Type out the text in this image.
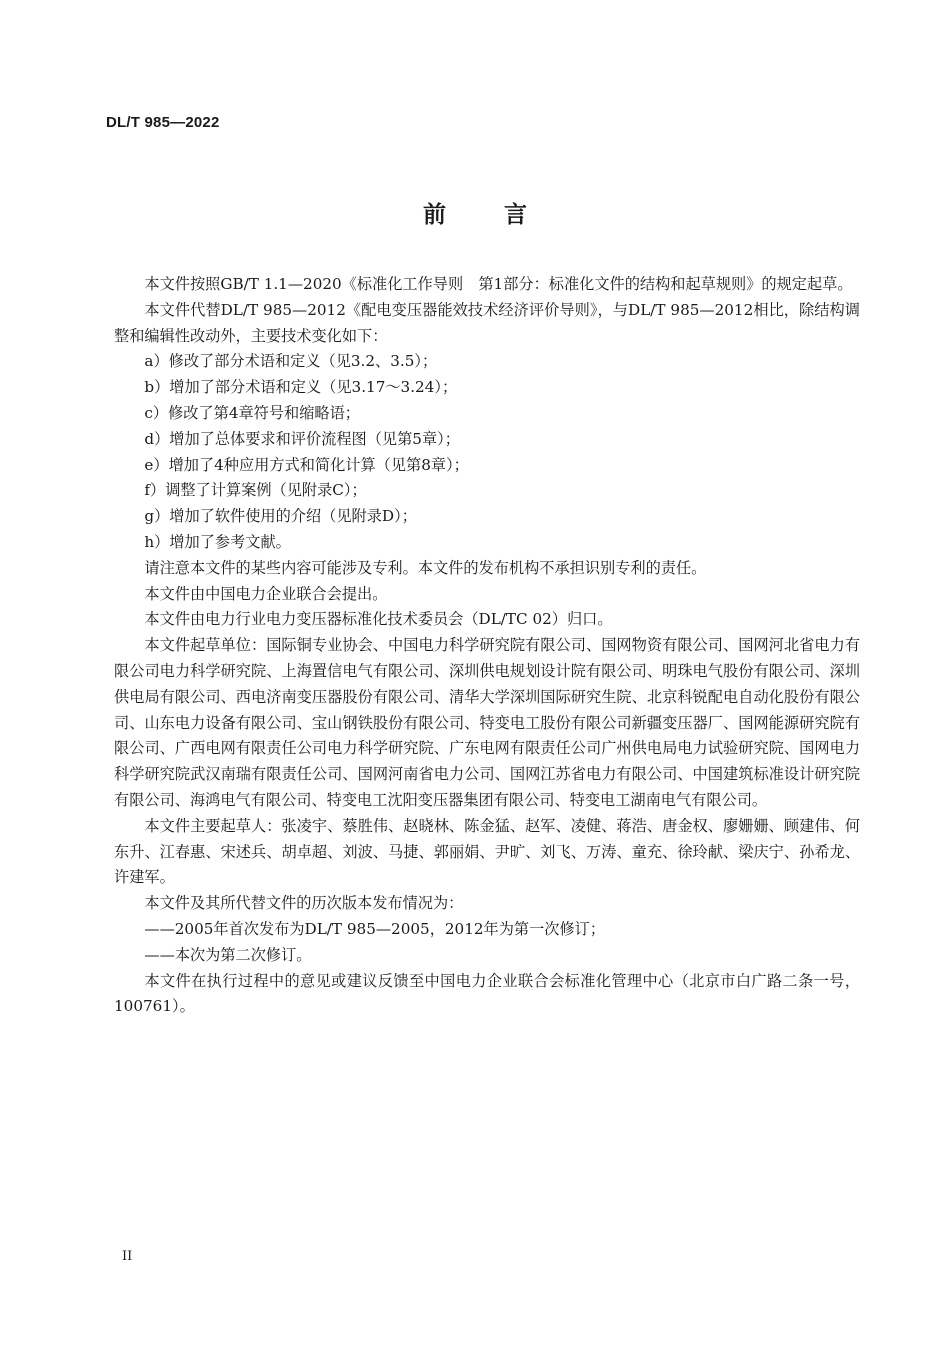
DL/T 985—2022
前	言

本文件按照GB/T 1.1—2020《标准化工作导则　第1部分：标准化文件的结构和起草规则》的规定起草。

本文件代替DL/T 985—2012《配电变压器能效技术经济评价导则》，与DL/T 985—2012相比，除结构调整和编辑性改动外，主要技术变化如下：

a）修改了部分术语和定义（见3.2、3.5）；

b）增加了部分术语和定义（见3.17～3.24）；

c）修改了第4章符号和缩略语；

d）增加了总体要求和评价流程图（见第5章）；

e）增加了4种应用方式和简化计算（见第8章）；

f）调整了计算案例（见附录C）；

g）增加了软件使用的介绍（见附录D）；

h）增加了参考文献。

请注意本文件的某些内容可能涉及专利。本文件的发布机构不承担识别专利的责任。

本文件由中国电力企业联合会提出。

本文件由电力行业电力变压器标准化技术委员会（DL/TC 02）归口。

本文件起草单位：国际铜专业协会、中国电力科学研究院有限公司、国网物资有限公司、国网河北省电力有限公司电力科学研究院、上海置信电气有限公司、深圳供电规划设计院有限公司、明珠电气股份有限公司、深圳供电局有限公司、西电济南变压器股份有限公司、清华大学深圳国际研究生院、北京科锐配电自动化股份有限公司、山东电力设备有限公司、宝山钢铁股份有限公司、特变电工股份有限公司新疆变压器厂、国网能源研究院有限公司、广西电网有限责任公司电力科学研究院、广东电网有限责任公司广州供电局电力试验研究院、国网电力科学研究院武汉南瑞有限责任公司、国网河南省电力公司、国网江苏省电力有限公司、中国建筑标准设计研究院有限公司、海鸿电气有限公司、特变电工沈阳变压器集团有限公司、特变电工湖南电气有限公司。

本文件主要起草人：张凌宇、蔡胜伟、赵晓林、陈金猛、赵军、凌健、蒋浩、唐金权、廖姗姗、顾建伟、何东升、江春惠、宋述兵、胡卓超、刘波、马捷、郭丽娟、尹旷、刘飞、万涛、童充、徐玲献、梁庆宁、孙希龙、许建军。

本文件及其所代替文件的历次版本发布情况为：

——2005年首次发布为DL/T 985—2005，2012年为第一次修订；

——本次为第二次修订。

本文件在执行过程中的意见或建议反馈至中国电力企业联合会标准化管理中心（北京市白广路二条一号，100761）。

II
